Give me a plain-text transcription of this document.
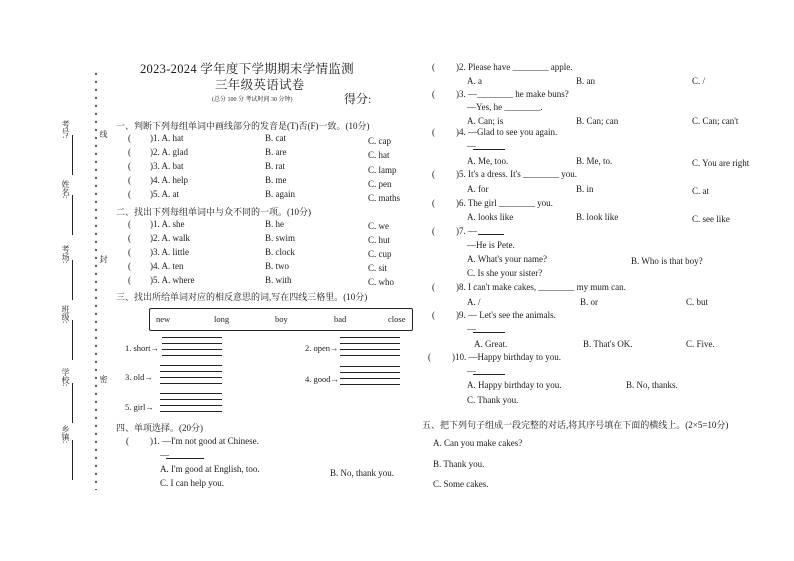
2023-2024 学年度下学期期末学情监测
三年级英语试卷
(总分 100 分 考试时间 30 分钟)	得分:
考号:
姓名:
考场:
班级:
学校:
乡镇:
线
封
密
一、判断下列每组单词中画线部分的发音是(T)否(F)一致。(10分)
( )1. A. hat	B. cat	C. cap
( )2. A. glad	B. are	C. hat
( )3. A. bat	B. rat	C. lamp
( )4. A. help	B. me	C. pen
( )5. A. at	B. again	C. maths
二、找出下列每组单词中与众不同的一项。(10分)
( )1. A. she	B. he	C. we
( )2. A. walk	B. swim	C. hut
( )3. A. little	B. clock	C. cup
( )4. A. ten	B. two	C. sit
( )5. A. where	B. with	C. who
三、找出所给单词对应的相反意思的词,写在四线三格里。(10分)
new	long	boy	bad	close
1. short→	2. open→
3. old→	4. good→
5. girl→
四、单项选择。(20分)
( )1. —I'm not good at Chinese.
—
A. I'm good at English, too.	B. No, thank you.
C. I can help you.
( )2. Please have ________ apple.
A. a	B. an	C. /
( )3. —________ he make buns?
—Yes, he ________.
A. Can; is	B. Can; can	C. Can; can't
( )4. —Glad to see you again.
—
A. Me, too.	B. Me, to.	C. You are right
( )5. It's a dress. It's ________ you.
A. for	B. in	C. at
( )6. The girl ________ you.
A. looks like	B. look like	C. see like
( )7. —
—He is Pete.
A. What's your name?	B. Who is that boy?
C. Is she your sister?
( )8. I can't make cakes, ________ my mum can.
A. /	B. or	C. but
( )9. — Let's see the animals.
—
A. Great.	B. That's OK.	C. Five.
( )10. —Happy birthday to you.
—
A. Happy birthday to you.	B. No, thanks.
C. Thank you.
五、把下列句子组成一段完整的对话,将其序号填在下面的横线上。(2×5=10分)
A. Can you make cakes?
B. Thank you.
C. Some cakes.
